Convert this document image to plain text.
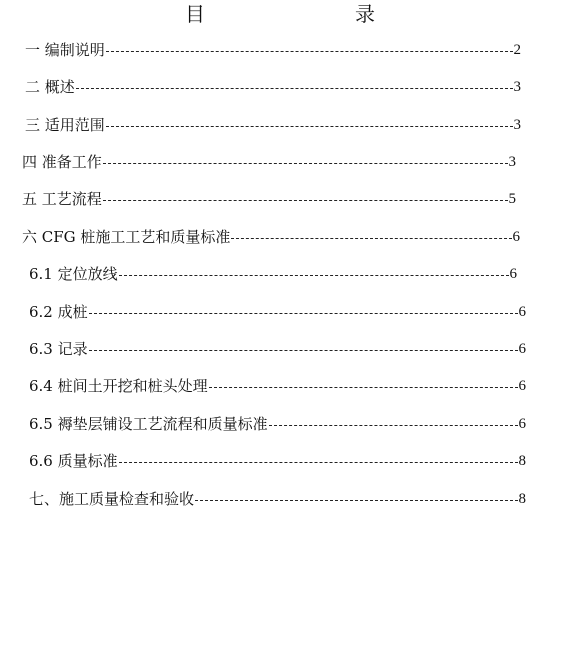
目	录
一 编制说明	2
二 概述	3
三 适用范围	3
四 准备工作	3
五 工艺流程	5
六 CFG 桩施工工艺和质量标准	6
6.1 定位放线	6
6.2 成桩	6
6.3 记录	6
6.4 桩间土开挖和桩头处理	6
6.5 褥垫层铺设工艺流程和质量标准	6
6.6 质量标准	8
七、施工质量检查和验收	8
